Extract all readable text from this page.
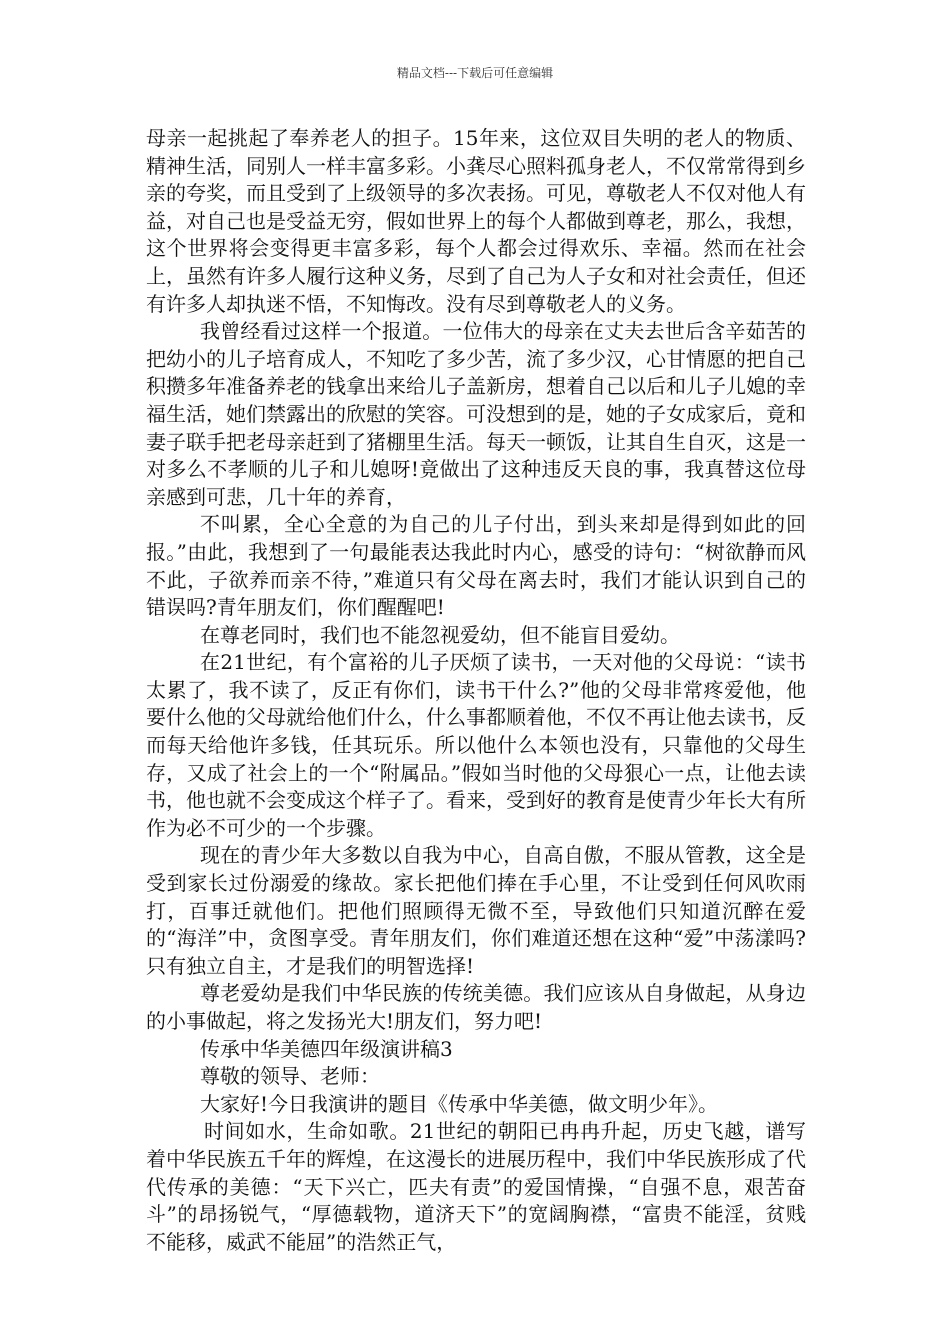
精品文档---下载后可任意编辑

母亲一起挑起了奉养老人的担子。15年来，这位双目失明的老人的物质、精神生活，同别人一样丰富多彩。小龚尽心照料孤身老人，不仅常常得到乡亲的夸奖，而且受到了上级领导的多次表扬。可见，尊敬老人不仅对他人有益，对自己也是受益无穷，假如世界上的每个人都做到尊老，那么，我想，这个世界将会变得更丰富多彩，每个人都会过得欢乐、幸福。然而在社会上，虽然有许多人履行这种义务，尽到了自己为人子女和对社会责任，但还有许多人却执迷不悟，不知悔改。没有尽到尊敬老人的义务。

我曾经看过这样一个报道。一位伟大的母亲在丈夫去世后含辛茹苦的把幼小的儿子培育成人，不知吃了多少苦，流了多少汉，心甘情愿的把自己积攒多年准备养老的钱拿出来给儿子盖新房，想着自己以后和儿子儿媳的幸福生活，她们禁露出的欣慰的笑容。可没想到的是，她的子女成家后，竟和妻子联手把老母亲赶到了猪棚里生活。每天一顿饭，让其自生自灭，这是一对多么不孝顺的儿子和儿媳呀!竟做出了这种违反天良的事，我真替这位母亲感到可悲，几十年的养育，

不叫累，全心全意的为自己的儿子付出，到头来却是得到如此的回报。”由此，我想到了一句最能表达我此时内心，感受的诗句：“树欲静而风不此，子欲养而亲不待，”难道只有父母在离去时，我们才能认识到自己的错误吗?青年朋友们，你们醒醒吧!

在尊老同时，我们也不能忽视爱幼，但不能盲目爱幼。

在21世纪，有个富裕的儿子厌烦了读书，一天对他的父母说：“读书太累了，我不读了，反正有你们，读书干什么?”他的父母非常疼爱他，他要什么他的父母就给他们什么，什么事都顺着他，不仅不再让他去读书，反而每天给他许多钱，任其玩乐。所以他什么本领也没有，只靠他的父母生存，又成了社会上的一个“附属品。”假如当时他的父母狠心一点，让他去读书，他也就不会变成这个样子了。看来，受到好的教育是使青少年长大有所作为必不可少的一个步骤。

现在的青少年大多数以自我为中心，自高自傲，不服从管教，这全是受到家长过份溺爱的缘故。家长把他们捧在手心里，不让受到任何风吹雨打，百事迁就他们。把他们照顾得无微不至，导致他们只知道沉醉在爱的“海洋”中，贪图享受。青年朋友们，你们难道还想在这种“爱”中荡漾吗?只有独立自主，才是我们的明智选择!

尊老爱幼是我们中华民族的传统美德。我们应该从自身做起，从身边的小事做起，将之发扬光大!朋友们，努力吧!

传承中华美德四年级演讲稿3

尊敬的领导、老师：

大家好!今日我演讲的题目《传承中华美德，做文明少年》。

时间如水，生命如歌。21世纪的朝阳已冉冉升起，历史飞越，谱写着中华民族五千年的辉煌，在这漫长的进展历程中，我们中华民族形成了代代传承的美德：“天下兴亡，匹夫有责”的爱国情操，“自强不息，艰苦奋斗”的昂扬锐气，“厚德载物，道济天下”的宽阔胸襟，“富贵不能淫，贫贱不能移，威武不能屈”的浩然正气，
